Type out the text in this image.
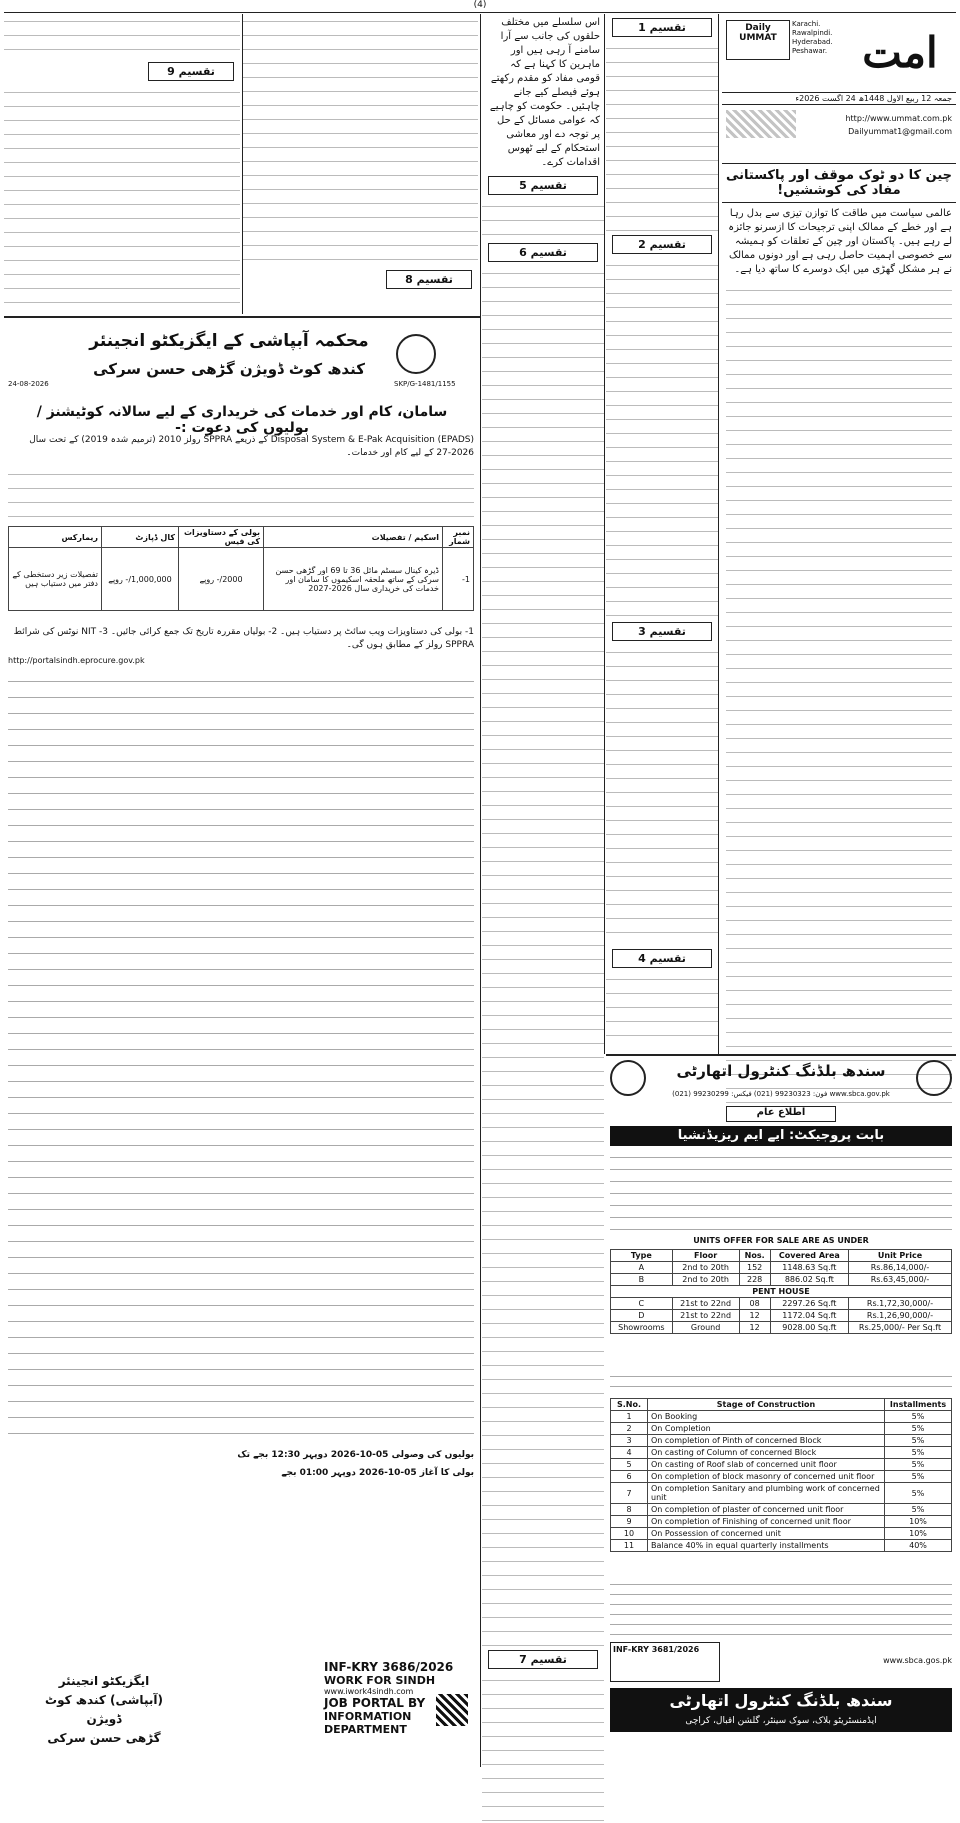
(4)
امت
Daily UMMAT
Karachi. Rawalpindi. Hyderabad. Peshawar.
جمعہ 12 ربیع الاول 1448ھ 24 اگست 2026ء
http://www.ummat.com.pk
Dailyummat1@gmail.com
چین کا دو ٹوک موقف اور پاکستانی مفاد کی کوششیں!

عالمی سیاست میں طاقت کا توازن تیزی سے بدل رہا ہے اور خطے کے ممالک اپنی ترجیحات کا ازسرنو جائزہ لے رہے ہیں۔ پاکستان اور چین کے تعلقات کو ہمیشہ سے خصوصی اہمیت حاصل رہی ہے اور دونوں ممالک نے ہر مشکل گھڑی میں ایک دوسرے کا ساتھ دیا ہے۔

تقسیم 1
تقسیم 2
تقسیم 3
تقسیم 4
اس سلسلے میں مختلف حلقوں کی جانب سے آرا سامنے آ رہی ہیں اور ماہرین کا کہنا ہے کہ قومی مفاد کو مقدم رکھتے ہوئے فیصلے کیے جانے چاہئیں۔ حکومت کو چاہیے کہ عوامی مسائل کے حل پر توجہ دے اور معاشی استحکام کے لیے ٹھوس اقدامات کرے۔
تقسیم 5
تقسیم 6
تقسیم 7
تقسیم 8
تقسیم 9
محکمہ آبپاشی کے ایگزیکٹو انجینئر
کندھ کوٹ ڈویژن گڑھی حسن سرکی
SKP/G-1481/1155
24-08-2026
سامان، کام اور خدمات کی خریداری کے لیے سالانہ کوٹیشنز / بولیوں کی دعوت :-
Disposal System & E-Pak Acquisition (EPADS) کے ذریعے SPPRA رولز 2010 (ترمیم شدہ 2019) کے تحت سال 2026-27 کے لیے کام اور خدمات۔
نمبر شمار	اسکیم / تفصیلات	بولی کے دستاویزات کی فیس	کال ڈپازٹ	ریمارکس
1-	ڈیرہ کینال سسٹم مائل 36 تا 69 اور گڑھی حسن سرکی کے ساتھ ملحقہ اسکیموں کا سامان اور خدمات کی خریداری سال 2026-2027	2000/- روپے	1,000,000/- روپے	تفصیلات زیر دستخطی کے دفتر میں دستیاب ہیں
1- بولی کی دستاویزات ویب سائٹ پر دستیاب ہیں۔ 2- بولیاں مقررہ تاریخ تک جمع کرائی جائیں۔ 3- NIT نوٹس کی شرائط SPPRA رولز کے مطابق ہوں گی۔
http://portalsindh.eprocure.gov.pk
بولیوں کی وصولی 05-10-2026 دوپہر 12:30 بجے تک
بولی کا آغاز 05-10-2026 دوپہر 01:00 بجے
INF-KRY 3686/2026
WORK FOR SINDH
www.iwork4sindh.com
JOB PORTAL BY
INFORMATION DEPARTMENT
ایگزیکٹو انجینئر
(آبپاشی) کندھ کوٹ ڈویژن
گڑھی حسن سرکی
سندھ بلڈنگ کنٹرول اتھارٹی
فون: 99230323 (021) فیکس: 99230299 (021) www.sbca.gov.pk
اطلاع عام
بابت پروجیکٹ: ایے ایم ریزیڈنشیا
UNITS OFFER FOR SALE ARE AS UNDER
Type	Floor	Nos.	Covered Area	Unit Price
A	2nd to 20th	152	1148.63 Sq.ft	Rs.86,14,000/-
B	2nd to 20th	228	886.02 Sq.ft	Rs.63,45,000/-
PENT HOUSE				
C	21st to 22nd	08	2297.26 Sq.ft	Rs.1,72,30,000/-
D	21st to 22nd	12	1172.04 Sq.ft	Rs.1,26,90,000/-
Showrooms	Ground	12	9028.00 Sq.ft	Rs.25,000/- Per Sq.ft
S.No.	Stage of Construction	Installments
1	On Booking	5%
2	On Completion	5%
3	On completion of Pinth of concerned Block	5%
4	On casting of Column of concerned Block	5%
5	On casting of Roof slab of concerned unit floor	5%
6	On completion of block masonry of concerned unit floor	5%
7	On completion Sanitary and plumbing work of concerned unit	5%
8	On completion of plaster of concerned unit floor	5%
9	On completion of Finishing of concerned unit floor	10%
10	On Possession of concerned unit	10%
11	Balance 40% in equal quarterly installments	40%
INF-KRY 3681/2026
www.sbca.gos.pk
سندھ بلڈنگ کنٹرول اتھارٹی
ایڈمنسٹریٹو بلاک، سوک سینٹر، گلشن اقبال، کراچی
